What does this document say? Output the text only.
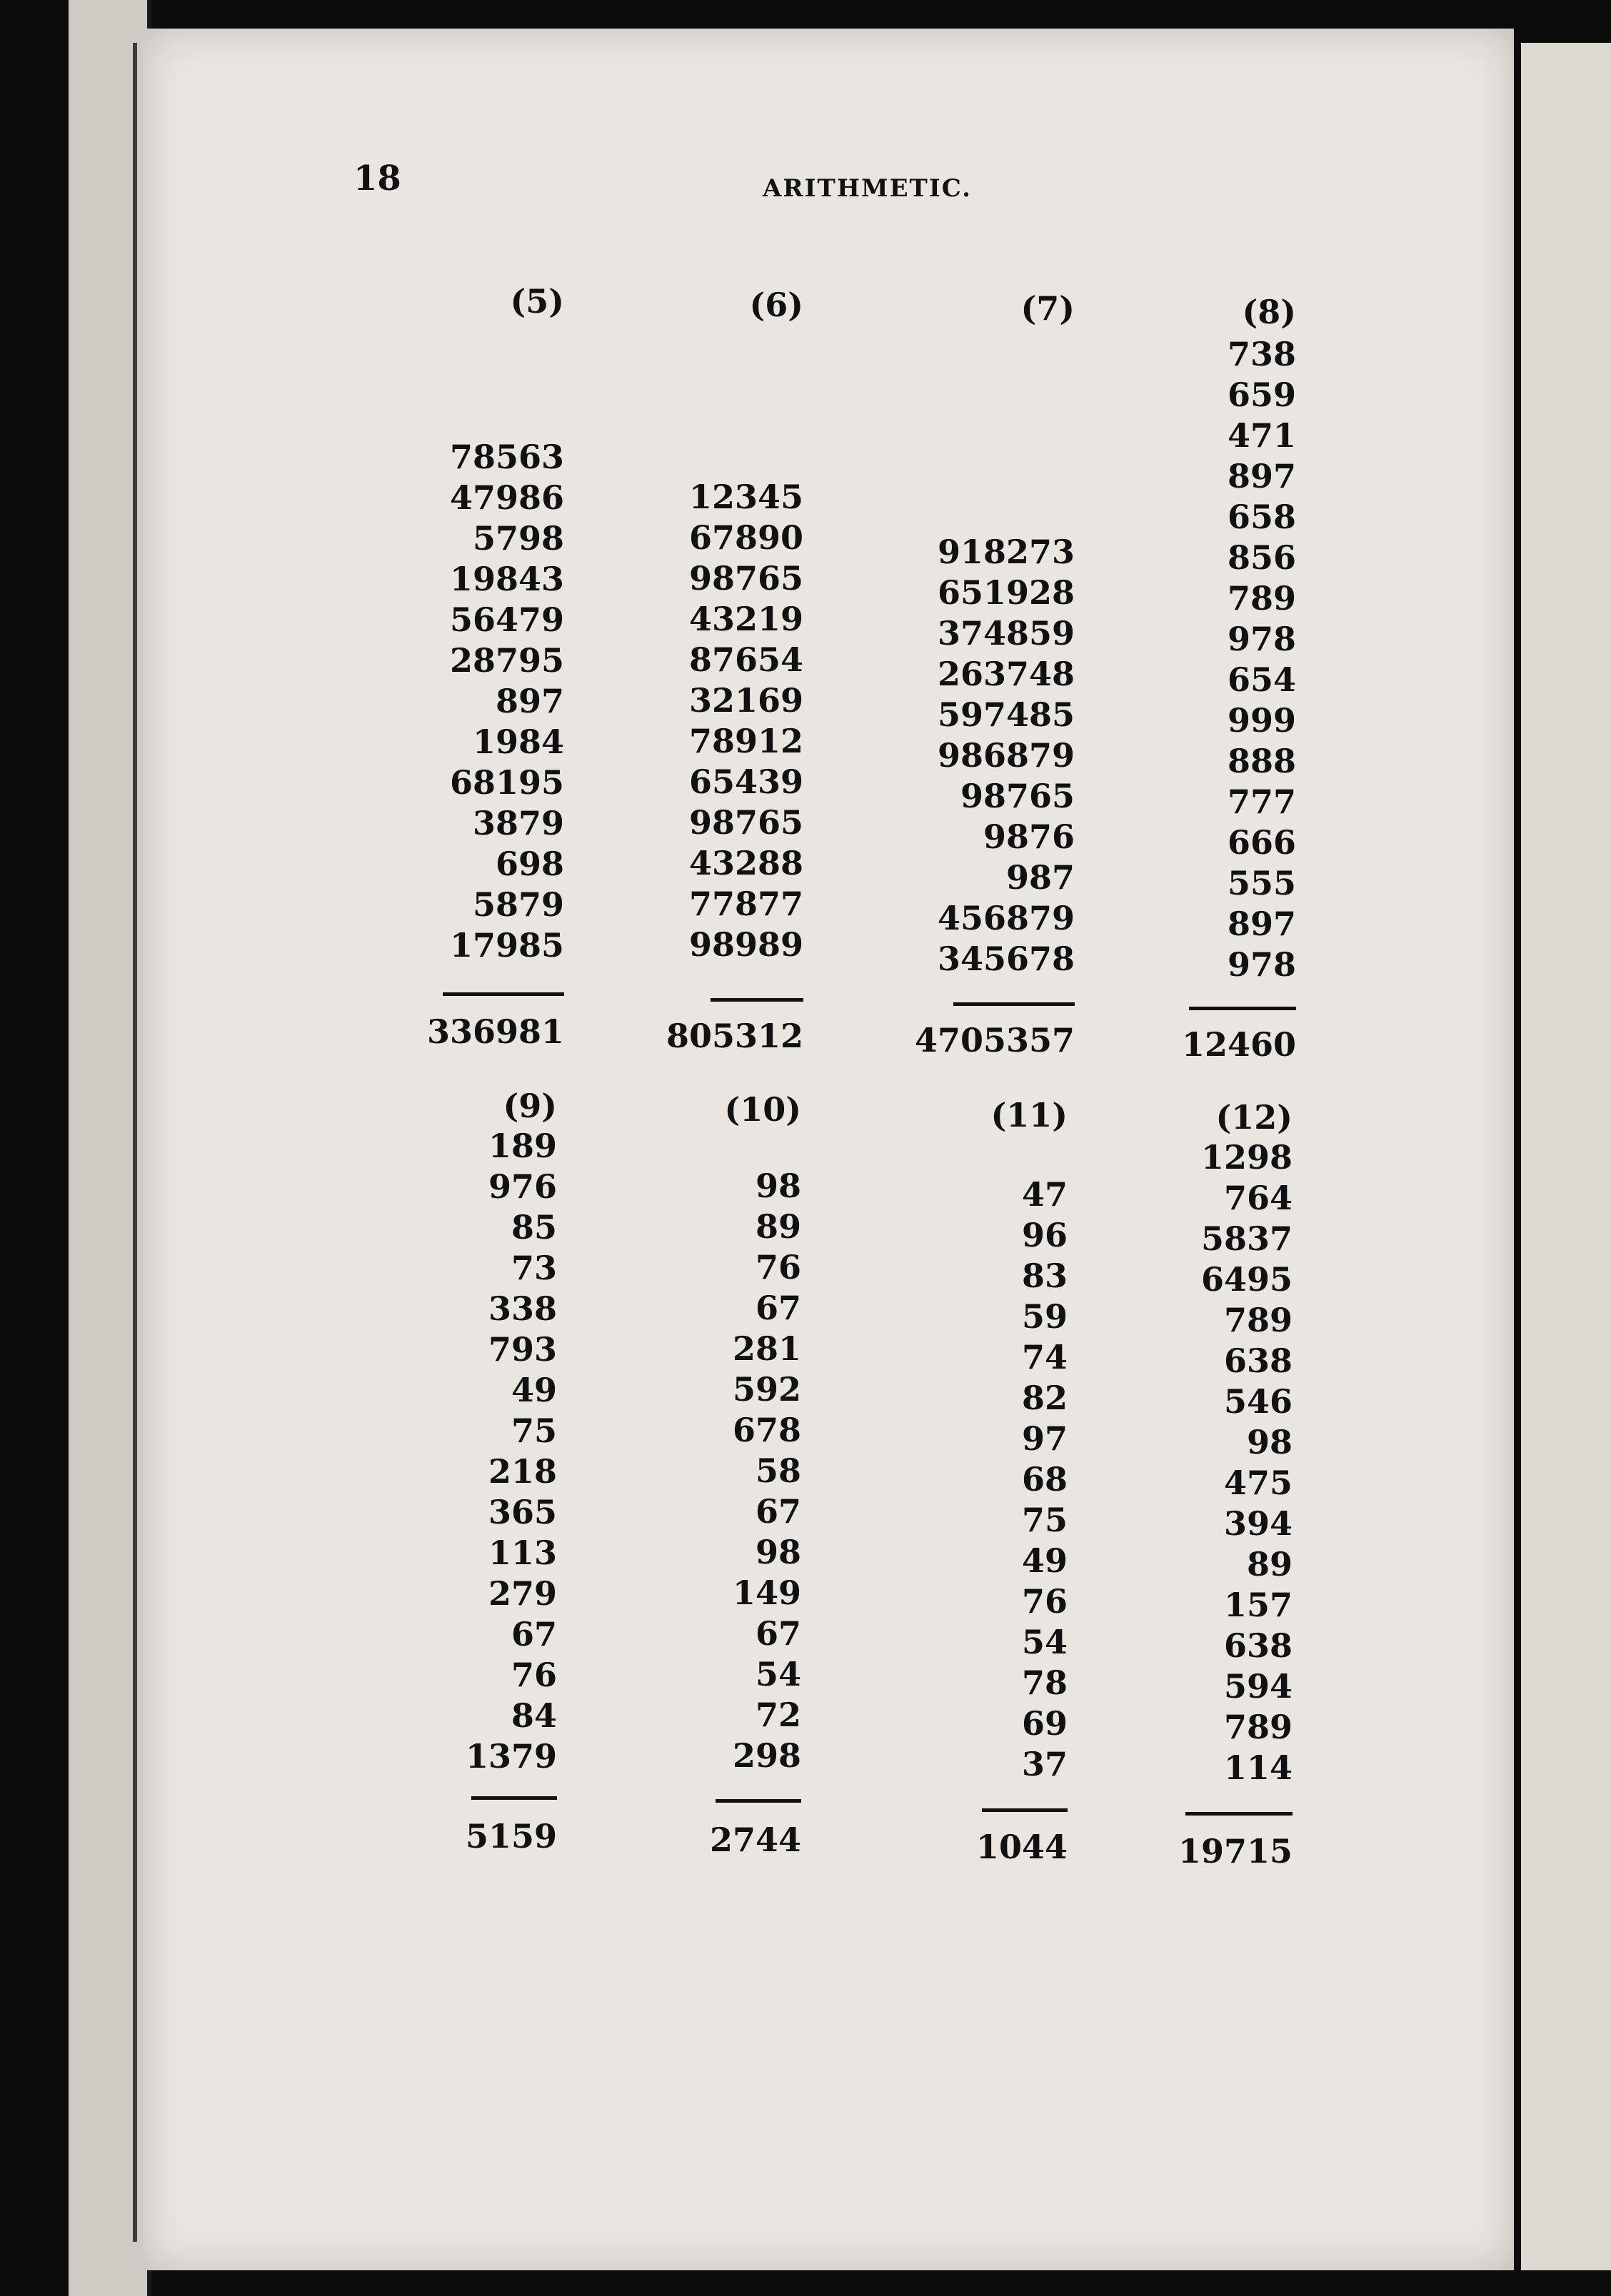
18	ARITHMETIC.
(5)
78563
47986
5798
19843
56479
28795
897
1984
68195
3879
698
5879
17985
336981
(6)
12345
67890
98765
43219
87654
32169
78912
65439
98765
43288
77877
98989
805312
(7)
918273
651928
374859
263748
597485
986879
98765
9876
987
456879
345678
4705357
(8)
738
659
471
897
658
856
789
978
654
999
888
777
666
555
897
978
12460
(9)
189
976
85
73
338
793
49
75
218
365
113
279
67
76
84
1379
5159
(10)
98
89
76
67
281
592
678
58
67
98
149
67
54
72
298
2744
(11)
47
96
83
59
74
82
97
68
75
49
76
54
78
69
37
1044
(12)
1298
764
5837
6495
789
638
546
98
475
394
89
157
638
594
789
114
19715
